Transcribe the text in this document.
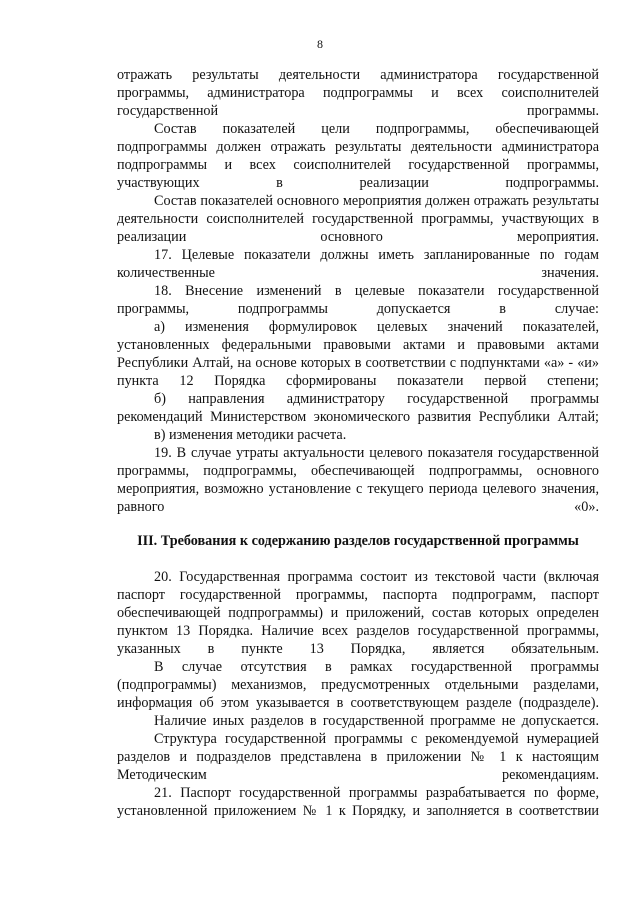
8

отражать результаты деятельности администратора государственной программы, администратора подпрограммы и всех соисполнителей государственной программы.

Состав показателей цели подпрограммы, обеспечивающей подпрограммы должен отражать результаты деятельности администратора подпрограммы и всех соисполнителей государственной программы, участвующих в реализации подпрограммы.

Состав показателей основного мероприятия должен отражать результаты деятельности соисполнителей государственной программы, участвующих в реализации основного мероприятия.

17. Целевые показатели должны иметь запланированные по годам количественные значения.

18. Внесение изменений в целевые показатели государственной программы, подпрограммы допускается в случае:

а) изменения формулировок целевых значений показателей, установленных федеральными правовыми актами и правовыми актами Республики Алтай, на основе которых в соответствии с подпунктами «а» - «и» пункта 12 Порядка сформированы показатели первой степени;

б) направления администратору государственной программы рекомендаций Министерством экономического развития Республики Алтай;

в) изменения методики расчета.

19. В случае утраты актуальности целевого показателя государственной программы, подпрограммы, обеспечивающей подпрограммы, основного мероприятия, возможно установление с текущего периода целевого значения, равного «0».

III. Требования к содержанию разделов государственной программы

20. Государственная программа состоит из текстовой части (включая паспорт государственной программы, паспорта подпрограмм, паспорт обеспечивающей подпрограммы) и приложений, состав которых определен пунктом 13 Порядка. Наличие всех разделов государственной программы, указанных в пункте 13 Порядка, является обязательным.

В случае отсутствия в рамках государственной программы (подпрограммы) механизмов, предусмотренных отдельными разделами, информация об этом указывается в соответствующем разделе (подразделе).

Наличие иных разделов в государственной программе не допускается.

Структура государственной программы с рекомендуемой нумерацией разделов и подразделов представлена в приложении № 1 к настоящим Методическим рекомендациям.

21. Паспорт государственной программы разрабатывается по форме, установленной приложением № 1 к Порядку, и заполняется в соответствии
